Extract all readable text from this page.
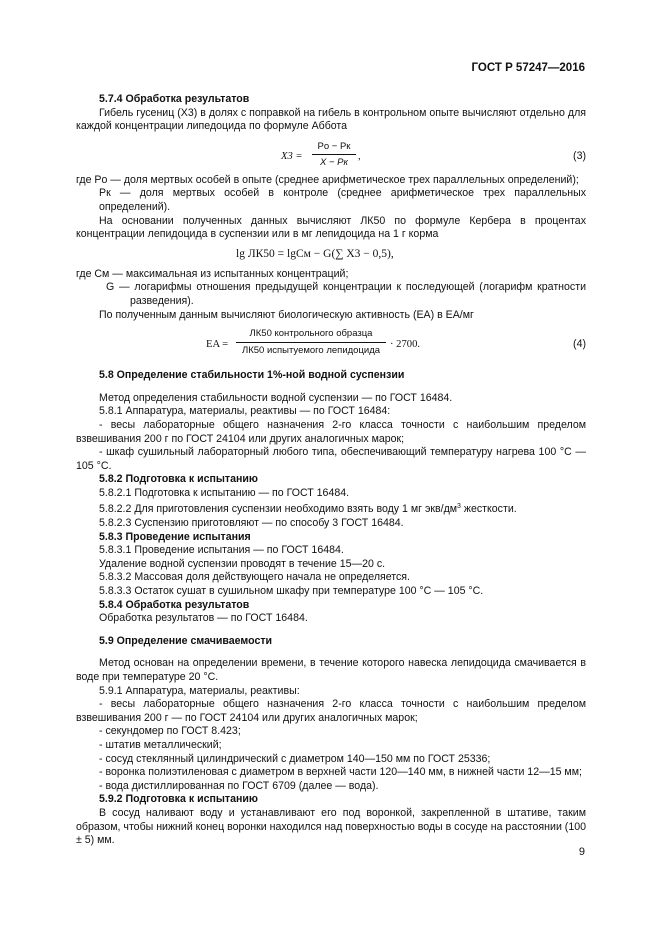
ГОСТ Р 57247—2016

5.7.4 Обработка результатов

Гибель гусениц (X3) в долях с поправкой на гибель в контрольном опыте вычисляют отдельно для каждой концентрации липедоцида по формуле Аббота

X3 =
Po − Pк
X − Pк
,	(3)

где Pо — доля мертвых особей в опыте (среднее арифметическое трех параллельных определений);

Pк — доля мертвых особей в контроле (среднее арифметическое трех параллельных определений).

На основании полученных данных вычисляют ЛК50 по формуле Кербера в процентах концентрации лепидоцида в суспензии или в мг лепидоцида на 1 г корма

lg ЛК50 = lgCм − G(∑ X3 − 0,5),

где Cм — максимальная из испытанных концентраций;

G — логарифмы отношения предыдущей концентрации к последующей (логарифм кратности разведения).

По полученным данным вычисляют биологическую активность (ЕА) в ЕА/мг

EA =
ЛК50 контрольного образца
ЛК50 испытуемого лепидоцида
· 2700.	(4)

5.8 Определение стабильности 1%-ной водной суспензии

Метод определения стабильности водной суспензии — по ГОСТ 16484.

5.8.1 Аппаратура, материалы, реактивы — по ГОСТ 16484:

- весы лабораторные общего назначения 2-го класса точности с наибольшим пределом взвешивания 200 г по ГОСТ 24104 или других аналогичных марок;

- шкаф сушильный лабораторный любого типа, обеспечивающий температуру нагрева 100 °С — 105 °С.

5.8.2 Подготовка к испытанию

5.8.2.1 Подготовка к испытанию — по ГОСТ 16484.

5.8.2.2 Для приготовления суспензии необходимо взять воду 1 мг экв/$дм^3$ жесткости.

5.8.2.3 Суспензию приготовляют — по способу 3 ГОСТ 16484.

5.8.3 Проведение испытания

5.8.3.1 Проведение испытания — по ГОСТ 16484.

Удаление водной суспензии проводят в течение 15—20 с.

5.8.3.2 Массовая доля действующего начала не определяется.

5.8.3.3 Остаток сушат в сушильном шкафу при температуре 100 °С — 105 °С.

5.8.4 Обработка результатов

Обработка результатов — по ГОСТ 16484.

5.9 Определение смачиваемости

Метод основан на определении времени, в течение которого навеска лепидоцида смачивается в воде при температуре 20 °С.

5.9.1 Аппаратура, материалы, реактивы:

- весы лабораторные общего назначения 2-го класса точности с наибольшим пределом взвешивания 200 г — по ГОСТ 24104 или других аналогичных марок;

- секундомер по ГОСТ 8.423;

- штатив металлический;

- сосуд стеклянный цилиндрический с диаметром 140—150 мм по ГОСТ 25336;

- воронка полиэтиленовая с диаметром в верхней части 120—140 мм, в нижней части 12—15 мм;

- вода дистиллированная по ГОСТ 6709 (далее — вода).

5.9.2 Подготовка к испытанию

В сосуд наливают воду и устанавливают его под воронкой, закрепленной в штативе, таким образом, чтобы нижний конец воронки находился над поверхностью воды в сосуде на расстоянии (100 ± 5) мм.

9
